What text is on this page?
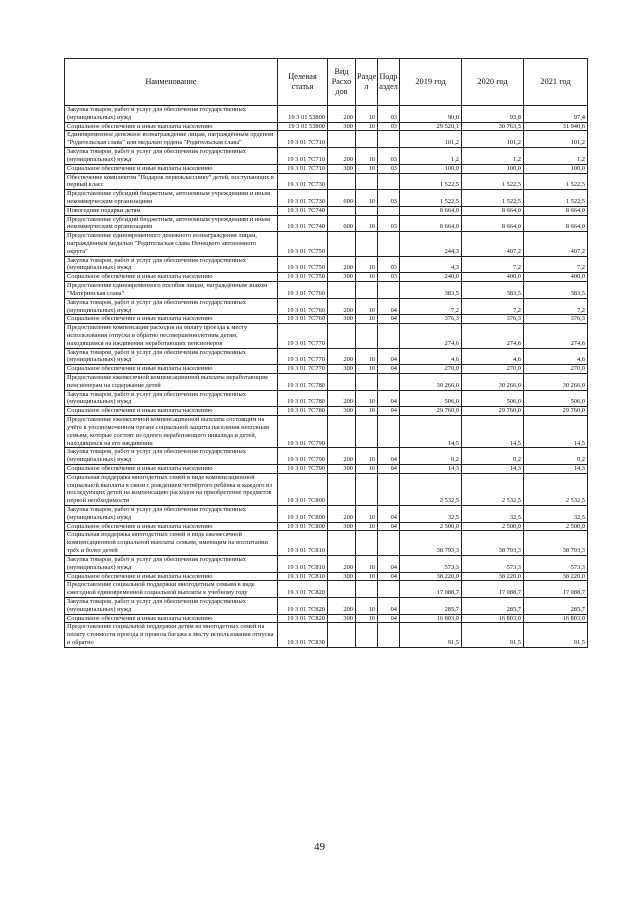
Наименование	Целевая статья	Вид Расхо дов	Разде л	Подр аздел	2019 год	2020 год	2021 год
Закупка товаров, работ и услуг для обеспечения государственных (муниципальных) нужд	19 3 01 53800	200	10	03	90,0	93,8	97,4
Социальное обеспечение и иные выплаты населению	19 3 01 53800	300	10	03	29 520,1	30 763,5	31 940,6
Единовременное денежное вознаграждение лицам, награждённым орденом "Родительская слава" или медалью ордена "Родительская слава"	19 3 01 7С710				101,2	101,2	101,2
Закупка товаров, работ и услуг для обеспечения государственных (муниципальных) нужд	19 3 01 7С710	200	10	03	1,2	1,2	1,2
Социальное обеспечение и иные выплаты населению	19 3 01 7С710	300	10	03	100,0	100,0	100,0
Обеспечение комплектом "Подарок первокласснику" детей, поступающих в первый класс	19 3 01 7С730				1 522,5	1 522,5	1 522,5
Предоставление субсидий бюджетным, автономным учреждениям и иным некоммерческим организациям	19 3 01 7С730	600	10	03	1 522,5	1 522,5	1 522,5
Новогодние подарки детям	19 3 01 7С740				8 664,0	8 664,0	8 664,0
Предоставление субсидий бюджетным, автономным учреждениям и иным некоммерческим организациям	19 3 01 7С740	600	10	03	8 664,0	8 664,0	8 664,0
Предоставление единовременного денежного вознаграждения лицам, награждённым медалью "Родительская слава Ненецкого автономного округа"	19 3 01 7С750				244,3	407,2	407,2
Закупка товаров, работ и услуг для обеспечения государственных (муниципальных) нужд	19 3 01 7С750	200	10	03	4,3	7,2	7,2
Социальное обеспечение и иные выплаты населению	19 3 01 7С750	300	10	03	240,0	400,0	400,0
Предоставление единовременного пособия лицам, награждённым знаком "Материнская слава"	19 3 01 7С760				383,5	383,5	383,5
Закупка товаров, работ и услуг для обеспечения государственных (муниципальных) нужд	19 3 01 7С760	200	10	04	7,2	7,2	7,2
Социальное обеспечение и иные выплаты населению	19 3 01 7С760	300	10	04	376,3	376,3	376,3
Предоставление компенсации расходов на оплату проезда к месту использования отпуска и обратно несовершеннолетним детям, находящимся на иждивении неработающих пенсионеров	19 3 01 7С770				274,6	274,6	274,6
Закупка товаров, работ и услуг для обеспечения государственных (муниципальных) нужд	19 3 01 7С770	200	10	04	4,6	4,6	4,6
Социальное обеспечение и иные выплаты населению	19 3 01 7С770	300	10	04	270,0	270,0	270,0
Предоставление ежемесячной компенсационной выплаты неработающим пенсионерам на содержание детей	19 3 01 7С780				30 266,0	30 266,0	30 266,0
Закупка товаров, работ и услуг для обеспечения государственных (муниципальных) нужд	19 3 01 7С780	200	10	04	506,0	506,0	506,0
Социальное обеспечение и иные выплаты населению	19 3 01 7С780	300	10	04	29 760,0	29 760,0	29 760,0
Предоставление ежемесячной компенсационной выплаты состоящим на учёте в уполномоченном органе социальной защиты населения неполным семьям, которые состоят из одного неработающего инвалида и детей, находящихся на его иждивении	19 3 01 7С790				14,5	14,5	14,5
Закупка товаров, работ и услуг для обеспечения государственных (муниципальных) нужд	19 3 01 7С790	200	10	04	0,2	0,2	0,2
Социальное обеспечение и иные выплаты населению	19 3 01 7С790	300	10	04	14,3	14,3	14,3
Социальная поддержка многодетных семей в виде компенсационной социальной выплаты в связи с рождением четвёртого ребёнка и каждого из последующих детей на компенсацию расходов на приобретение предметов первой необходимости	19 3 01 7С800				2 532,5	2 532,5	2 532,5
Закупка товаров, работ и услуг для обеспечения государственных (муниципальных) нужд	19 3 01 7С800	200	10	04	32,5	32,5	32,5
Социальное обеспечение и иные выплаты населению	19 3 01 7С800	300	10	04	2 500,0	2 500,0	2 500,0
Социальная поддержка многодетных семей в виде ежемесячной компенсационной социальной выплаты семьям, имеющим на воспитании трёх и более детей	19 3 01 7С810				38 793,3	38 793,3	38 793,3
Закупка товаров, работ и услуг для обеспечения государственных (муниципальных) нужд	19 3 01 7С810	200	10	04	573,3	573,3	573,3
Социальное обеспечение и иные выплаты населению	19 3 01 7С810	300	10	04	38 220,0	38 220,0	38 220,0
Предоставление социальной поддержки многодетным семьям в виде ежегодной единовременной социальной выплаты к учебному году	19 3 01 7С820				17 088,7	17 088,7	17 088,7
Закупка товаров, работ и услуг для обеспечения государственных (муниципальных) нужд	19 3 01 7С820	200	10	04	285,7	285,7	285,7
Социальное обеспечение и иные выплаты населению	19 3 01 7С820	300	10	04	16 803,0	16 803,0	16 803,0
Предоставление социальной поддержки детям из многодетных семей на оплату стоимости проезда и провоза багажа к месту использования отпуска и обратно	19 3 01 7С830				91,5	91,5	91,5
49
